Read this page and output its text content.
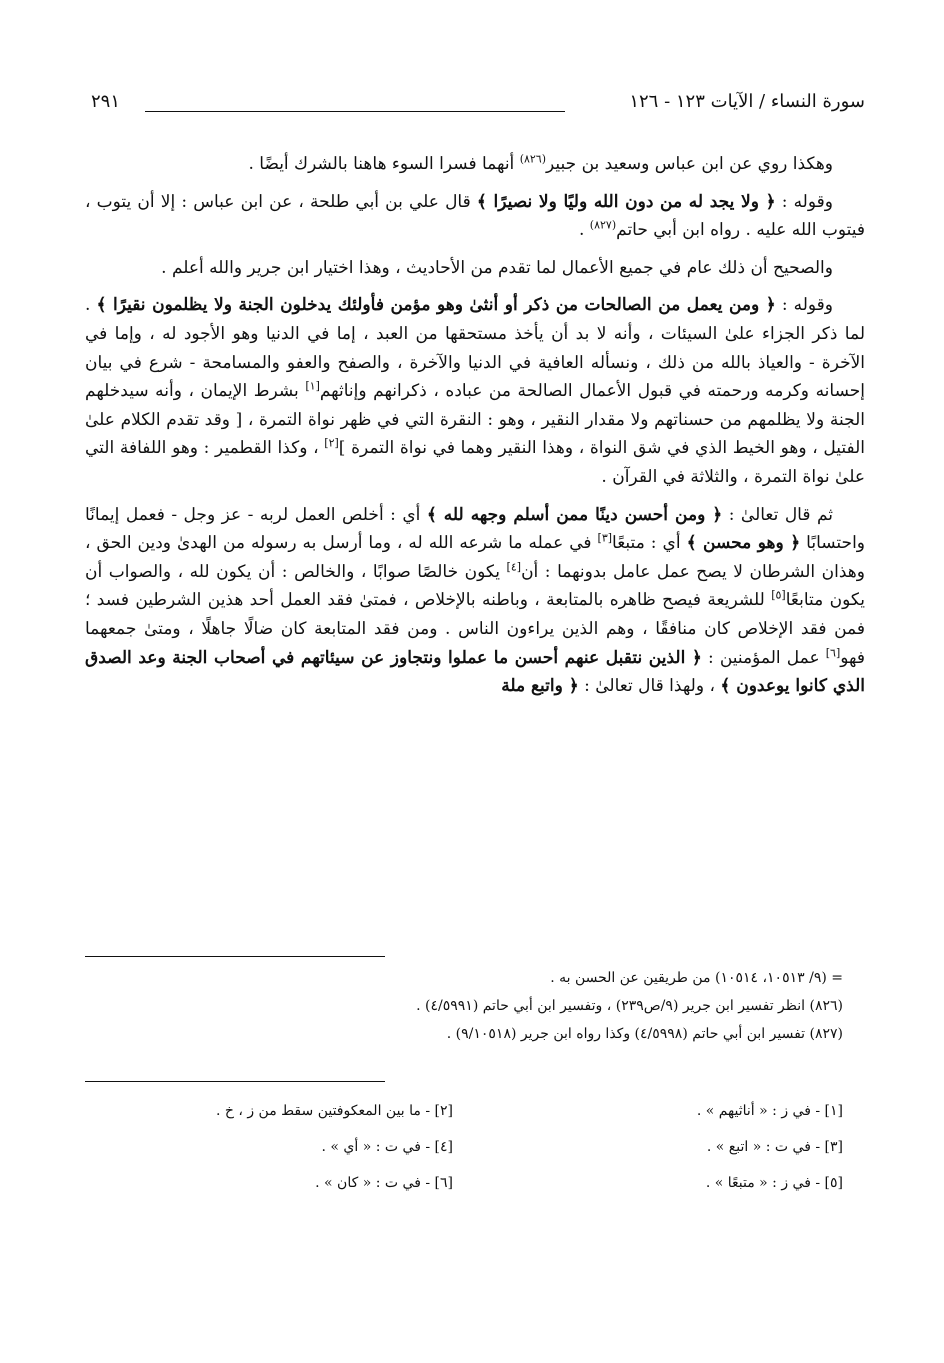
سورة النساء / الآيات ١٢٣ - ١٢٦
٢٩١

وهكذا روي عن ابن عباس وسعيد بن جبير$^{(٨٢٦)}$ أنهما فسرا السوء هاهنا بالشرك أيضًا .

وقوله : ﴿ ولا يجد له من دون الله وليًا ولا نصيرًا ﴾ قال علي بن أبي طلحة ، عن ابن عباس : إلا أن يتوب ، فيتوب الله عليه . رواه ابن أبي حاتم$^{(٨٢٧)}$ .

والصحيح أن ذلك عام في جميع الأعمال لما تقدم من الأحاديث ، وهذا اختيار ابن جرير والله أعلم .

وقوله : ﴿ ومن يعمل من الصالحات من ذكر أو أنثىٰ وهو مؤمن فأولئك يدخلون الجنة ولا يظلمون نقيرًا ﴾ . لما ذكر الجزاء علىٰ السيئات ، وأنه لا بد أن يأخذ مستحقها من العبد ، إما في الدنيا وهو الأجود له ، وإما في الآخرة - والعياذ بالله من ذلك ، ونسأله العافية في الدنيا والآخرة ، والصفح والعفو والمسامحة - شرع في بيان إحسانه وكرمه ورحمته في قبول الأعمال الصالحة من عباده ، ذكرانهم وإناثهم[١] بشرط الإيمان ، وأنه سيدخلهم الجنة ولا يظلمهم من حسناتهم ولا مقدار النقير ، وهو : النقرة التي في ظهر نواة التمرة ، [ وقد تقدم الكلام علىٰ الفتيل ، وهو الخيط الذي في شق النواة ، وهذا النقير وهما في نواة التمرة ][٢] ، وكذا القطمير : وهو اللفافة التي علىٰ نواة التمرة ، والثلاثة في القرآن .

ثم قال تعالىٰ : ﴿ ومن أحسن دينًا ممن أسلم وجهه لله ﴾ أي : أخلص العمل لربه - عز وجل - فعمل إيمانًا واحتسابًا ﴿ وهو محسن ﴾ أي : متبعًا[٣] في عمله ما شرعه الله له ، وما أرسل به رسوله من الهدىٰ ودين الحق ، وهذان الشرطان لا يصح عمل عامل بدونهما : أن[٤] يكون خالصًا صوابًا ، والخالص : أن يكون لله ، والصواب أن يكون متابعًا[٥] للشريعة فيصح ظاهره بالمتابعة ، وباطنه بالإخلاص ، فمتىٰ فقد العمل أحد هذين الشرطين فسد ؛ فمن فقد الإخلاص كان منافقًا ، وهم الذين يراءون الناس . ومن فقد المتابعة كان ضالًا جاهلًا ، ومتىٰ جمعهما فهو[٦] عمل المؤمنين : ﴿ الذين نتقبل عنهم أحسن ما عملوا ونتجاوز عن سيئاتهم في أصحاب الجنة وعد الصدق الذي كانوا يوعدون ﴾ ، ولهذا قال تعالىٰ : ﴿ واتبع ملة

= (٩/ ١٠٥١٣، ١٠٥١٤) من طريقين عن الحسن به .

(٨٢٦) انظر تفسير ابن جرير (٩/ص٢٣٩) ، وتفسير ابن أبي حاتم (٤/٥٩٩١) .

(٨٢٧) تفسير ابن أبي حاتم (٤/٥٩٩٨) وكذا رواه ابن جرير (٩/١٠٥١٨) .

[١] - في ز : « أناثيهم » .

[٢] - ما بين المعكوفتين سقط من ز ، خ .

[٣] - في ت : « اتبع » .

[٤] - في ت : « أي » .

[٥] - في ز : « متبعًا » .

[٦] - في ت : « كان » .
